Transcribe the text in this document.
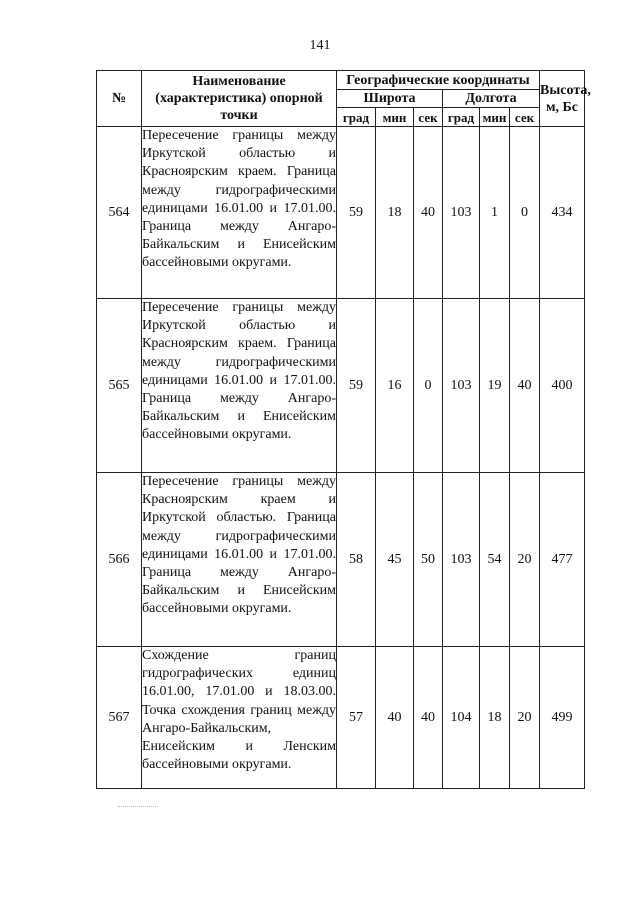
141
№	Наименование (характеристика) опорной точки	Географические координаты						Высота, м, Бс
		Широта			Долгота			
		град	мин	сек	град	мин	сек	
564	Пересечение границы между Иркутской областью и Красноярским краем. Граница между гидрографическими единицами 16.01.00 и 17.01.00. Граница между Ангаро-Байкальским и Енисейским бассейновыми округами.	59	18	40	103	1	0	434
565	Пересечение границы между Иркутской областью и Красноярским краем. Граница между гидрографическими единицами 16.01.00 и 17.01.00. Граница между Ангаро-Байкальским и Енисейским бассейновыми округами.	59	16	0	103	19	40	400
566	Пересечение границы между Красноярским краем и Иркутской областью. Граница между гидрографическими единицами 16.01.00 и 17.01.00. Граница между Ангаро-Байкальским и Енисейским бассейновыми округами.	58	45	50	103	54	20	477
567	Схождение границ гидрографических единиц 16.01.00, 17.01.00 и 18.03.00. Точка схождения границ между Ангаро-Байкальским, Енисейским и Ленским бассейновыми округами.	57	40	40	104	18	20	499
